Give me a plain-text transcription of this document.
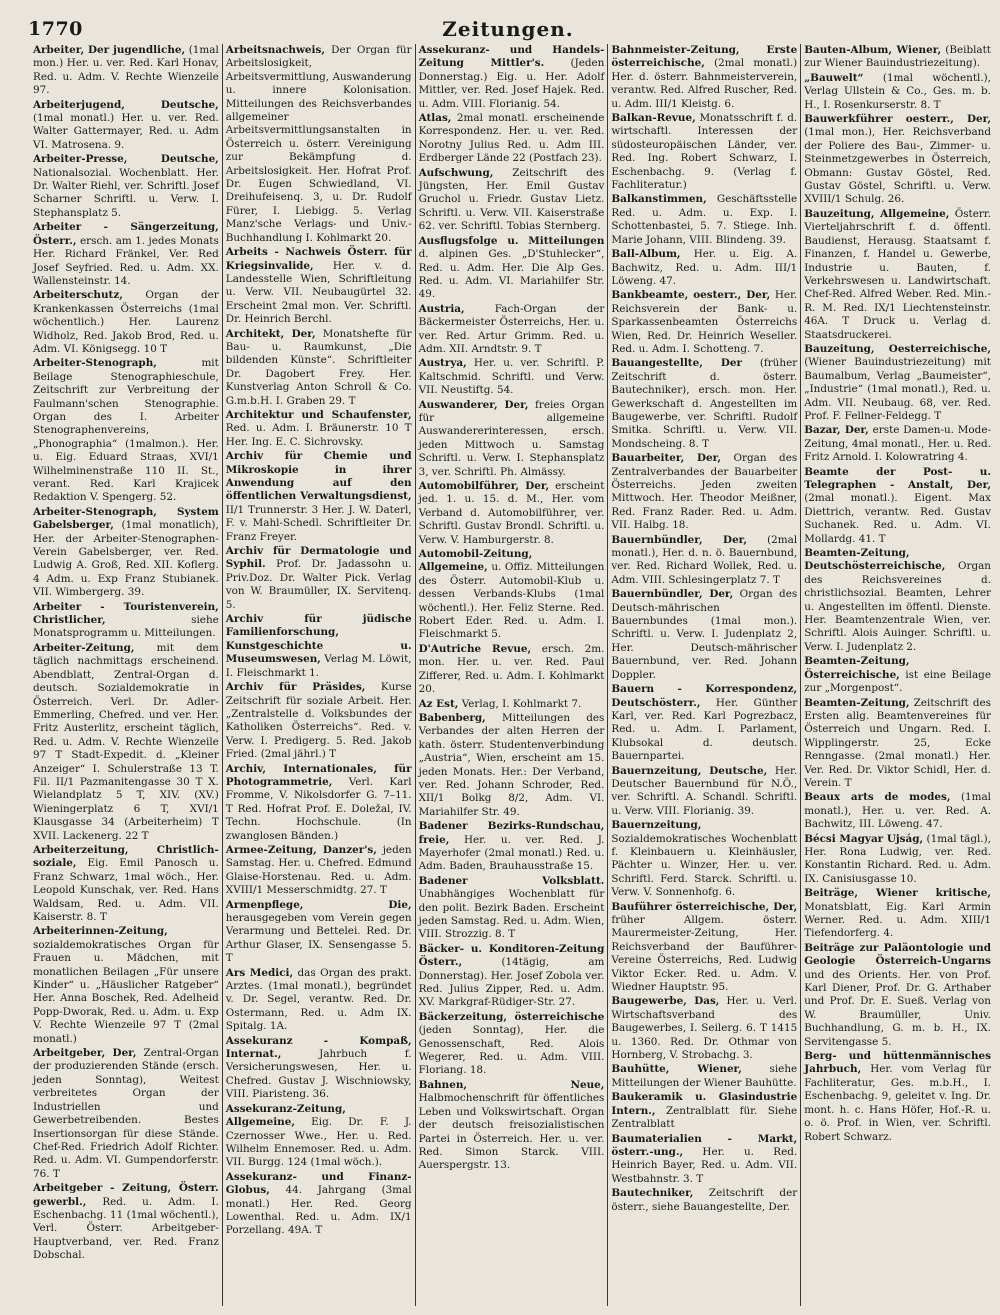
1770	Zeitungen.

Arbeiter, Der jugendliche, (1mal mon.) Her. u. ver. Red. Karl Honav, Red. u. Adm. V. Rechte Wienzeile 97.

Arbeiterjugend, Deutsche, (1mal monatl.) Her. u. ver. Red. Walter Gattermayer, Red. u. Adm VI. Matrosena. 9.

Arbeiter-Presse, Deutsche, Nationalsozial. Wochenblatt. Her. Dr. Walter Riehl, ver. Schriftl. Josef Scharner Schriftl. u. Verw. I. Stephansplatz 5.

Arbeiter - Sängerzeitung, Österr., ersch. am 1. jedes Monats Her. Richard Fränkel, Ver. Red Josef Seyfried. Red. u. Adm. XX. Wallensteinstr. 14.

Arbeiterschutz, Organ der Krankenkassen Österreichs (1mal wöchentlich.) Her. Laurenz Widholz, Red. Jakob Brod, Red. u. Adm. VI. Königsegg. 10 T

Arbeiter-Stenograph,	mit Beilage Stenographieschule, Zeitschrift zur Verbreitung der Faulmann'schen Stenographie. Organ des I. Arbeiter Stenographenvereins, „Phonographia“ (1malmon.). Her. u. Eig. Eduard Straas, XVI/1 Wilhelminenstraße 110 II. St., verant. Red. Karl Krajicek Redaktion V. Spengerg. 52.

Arbeiter-Stenograph, System Gabelsberger, (1mal monatlich), Her. der Arbeiter-Stenographen-Verein Gabelsberger, ver. Red. Ludwig A. Groß, Red. XII. Koflerg. 4 Adm. u. Exp Franz Stubianek. VII. Wimbergerg. 39.

Arbeiter - Touristenverein, Christlicher,	siehe Monatsprogramm u. Mitteilungen.

Arbeiter-Zeitung, mit dem täglich nachmittags erscheinend. Abendblatt, Zentral-Organ d. deutsch. Sozialdemokratie in Österreich. Verl. Dr. Adler-Emmerling, Chefred. und ver. Her. Fritz Austerlitz, erscheint täglich, Red. u. Adm. V. Rechte Wienzeile 97 T Stadt-Expedit. d. „Kleiner Anzeiger“ I. Schulerstraße 13 T. Fil. II/1 Pazmanitengasse 30 T X. Wielandplatz 5 T, XIV. (XV.) Wieningerplatz 6 T, XVI/1 Klausgasse 34 (Arbeiterheim) T XVII. Lackenerg. 22 T

Arbeiterzeitung, Christlich-soziale, Eig. Emil Panosch u. Franz Schwarz, 1mal wöch., Her. Leopold Kunschak, ver. Red. Hans Waldsam, Red. u. Adm. VII. Kaiserstr. 8. T

Arbeiterinnen-Zeitung, sozialdemokratisches Organ für Frauen u. Mädchen, mit monatlichen Beilagen „Für unsere Kinder“ u. „Häuslicher Ratgeber“ Her. Anna Boschek, Red. Adelheid Popp-Dworak, Red. u. Adm. u. Exp V. Rechte Wienzeile 97 T (2mal monatl.)

Arbeitgeber, Der, Zentral-Organ der produzierenden Stände (ersch. jeden Sonntag), Weitest verbreitetes Organ der Industriellen und Gewerbetreibenden. Bestes Insertionsorgan für diese Stände. Chef-Red. Friedrich Adolf Richter. Red. u. Adm. VI. Gumpendorferstr. 76. T

Arbeitgeber - Zeitung, Österr. gewerbl., Red. u. Adm. I. Eschenbachg. 11 (1mal wöchentl.), Verl. Österr. Arbeitgeber-Hauptverband, ver. Red. Franz Dobschal.

Arbeitsnachweis, Der Organ für Arbeitslosigkeit, Arbeitsvermittlung, Auswanderung u. innere Kolonisation. Mitteilungen des Reichsverbandes allgemeiner Arbeitsvermittlungsanstalten in Österreich u. österr. Vereinigung zur Bekämpfung d. Arbeitslosigkeit. Her. Hofrat Prof. Dr. Eugen Schwiedland, VI. Dreihufeisenq. 3, u. Dr. Rudolf Fürer, I. Liebigg. 5. Verlag Manz'sche Verlags- und Univ.-Buchhandlung I. Kohlmarkt 20.

Arbeits - Nachweis Österr. für Kriegsinvalide, Her. v. d. Landesstelle Wien, Schriftleitung u. Verw. VII. Neubaugürtel 32. Erscheint 2mal mon. Ver. Schriftl. Dr. Heinrich Berchl.

Architekt, Der, Monatshefte für Bau- u. Raumkunst, „Die bildenden Künste“. Schriftleiter Dr. Dagobert Frey. Her. Kunstverlag Anton Schroll & Co. G.m.b.H. I. Graben 29. T

Architektur und Schaufenster, Red. u. Adm. I. Bräunerstr. 10 T Her. Ing. E. C. Sichrovsky.

Archiv für Chemie und Mikroskopie in ihrer Anwendung auf den öffentlichen Verwaltungsdienst, II/1 Trunnerstr. 3 Her. J. W. Daterl, F. v. Mahl-Schedl. Schriftleiter Dr. Franz Freyer.

Archiv für Dermatologie und Syphil. Prof. Dr. Jadassohn u. Priv.Doz. Dr. Walter Pick. Verlag von W. Braumüller, IX. Servitenq. 5.

Archiv für jüdische Familienforschung, Kunstgeschichte u. Museumswesen, Verlag M. Löwit, I. Fleischmarkt 1.

Archiv für Präsides, Kurse Zeitschrift für soziale Arbeit. Her. „Zentralstelle d. Volksbundes der Katholiken Österreichs“. Red. v. Verw. I. Predigerg. 5. Red. Jakob Fried. (2mal jährl.) T

Archiv, Internationales, für Photogrammetrie, Verl. Karl Fromme, V. Nikolsdorfer G. 7–11. T Red. Hofrat Prof. E. Doležal, IV. Techn. Hochschule. (In zwanglosen Bänden.)

Armee-Zeitung, Danzer's, jeden Samstag. Her. u. Chefred. Edmund Glaise-Horstenau. Red. u. Adm. XVIII/1 Messerschmidtg. 27. T

Armenpflege, Die, herausgegeben vom Verein gegen Verarmung und Bettelei. Red. Dr. Arthur Glaser, IX. Sensengasse 5. T

Ars Medici, das Organ des prakt. Arztes. (1mal monatl.), begründet v. Dr. Segel, verantw. Red. Dr. Ostermann, Red. u. Adm IX. Spitalg. 1A.

Assekuranz - Kompaß, Internat.,	Jahrbuch f. Versicherungswesen, Her. u. Chefred. Gustav J. Wischniowsky, VIII. Piaristeng. 36.

Assekuranz-Zeitung, Allgemeine, Eig. Dr. F. J. Czernosser Wwe., Her. u. Red. Wilhelm Ennemoser. Red. u. Adm. VII. Burgg. 124 (1mal wöch.).

Assekuranz- und Finanz-Globus, 44. Jahrgang (3mal monatl.) Her. Red. Georg Lowenthal. Red. u. Adm. IX/1 Porzellang. 49A. T

Assekuranz- und Handels-Zeitung Mittler's.	(Jeden Donnerstag.) Eig. u. Her. Adolf Mittler, ver. Red. Josef Hajek. Red. u. Adm. VIII. Florianig. 54.

Atlas, 2mal monatl. erscheinende Korrespondenz. Her. u. ver. Red. Norotny Julius Red. u. Adm III. Erdberger Lände 22 (Postfach 23).

Aufschwung, Zeitschrift des Jüngsten, Her. Emil Gustav Gruchol u. Friedr. Gustav Lietz. Schriftl. u. Verw. VII. Kaiserstraße 62. ver. Schriftl. Tobias Sternberg.

Ausflugsfolge u. Mitteilungen d. alpinen Ges. „D'Stuhlecker“, Red. u. Adm. Her. Die Alp Ges. Red. u. Adm. VI. Mariahilfer Str. 49.

Austria,	Fach-Organ der Bäckermeister Österreichs, Her. u. ver. Red. Artur Grimm. Red. u. Adm. XII. Arndtstr. 9. T

Austrya, Her. u. ver. Schriftl. P. Kaltschmid. Schriftl. und Verw. VII. Neustiftg. 54.

Auswanderer, Der, freies Organ für allgemeine Auswandererinteressen, ersch. jeden Mittwoch u. Samstag Schriftl. u. Verw. I. Stephansplatz 3, ver. Schriftl. Ph. Almässy.

Automobilführer, Der, erscheint jed. 1. u. 15. d. M., Her. vom Verband d. Automobilführer, ver. Schriftl. Gustav Brondl. Schriftl. u. Verw. V. Hamburgerstr. 8.

Automobil-Zeitung, Allgemeine, u. Offiz. Mitteilungen des Österr. Automobil-Klub u. dessen Verbands-Klubs (1mal wöchentl.). Her. Feliz Sterne. Red. Robert Eder. Red. u. Adm. I. Fleischmarkt 5.

D'Autriche Revue, ersch. 2m. mon. Her. u. ver. Red. Paul Zifferer, Red. u. Adm. I. Kohlmarkt 20.

Az Est, Verlag, I. Kohlmarkt 7.

Babenberg, Mitteilungen des Verbandes der alten Herren der kath. österr. Studentenverbindung „Austria“, Wien, erscheint am 15. jeden Monats. Her.: Der Verband, ver. Red. Johann Schroder, Red. XII/1 Bolkg 8/2, Adm. VI. Mariahilfer Str. 49.

Badener Bezirks-Rundschau, freie, Her. u. ver. Red. J. Mayerhofer (2mal monatl.) Red. u. Adm. Baden, Brauhausstraße 15.

Badener Volksblatt. Unabhängiges Wochenblatt für den polit. Bezirk Baden. Erscheint jeden Samstag. Red. u. Adm. Wien, VIII. Strozzig. 8. T

Bäcker- u. Konditoren-Zeitung Österr.,	(14tägig, am Donnerstag). Her. Josef Zobola ver. Red. Julius Zipper, Red. u. Adm. XV. Markgraf-Rüdiger-Str. 27.

Bäckerzeitung, österreichische (jeden Sonntag), Her. die Genossenschaft, Red. Alois Wegerer, Red. u. Adm. VIII. Floriang. 18.

Bahnen, Neue, Halbmochenschrift für öffentliches Leben und Volkswirtschaft. Organ der deutsch freisozialistischen Partei in Österreich. Her. u. ver. Red. Simon Starck. VIII. Auerspergstr. 13.

Bahnmeister-Zeitung, Erste österreichische, (2mal monatl.) Her. d. österr. Bahnmeisterverein, verantw. Red. Alfred Ruscher, Red. u. Adm. III/1 Kleistg. 6.

Balkan-Revue, Monatsschrift f. d. wirtschaftl. Interessen der südosteuropäischen Länder, ver. Red. Ing. Robert Schwarz, I. Eschenbachg. 9. (Verlag f. Fachliteratur.)

Balkanstimmen, Geschäftsstelle Red. u. Adm. u. Exp. I. Schottenbastei, 5. 7. Stiege. Inh. Marie Johann, VIII. Blindeng. 39.

Ball-Album, Her. u. Eig. A. Bachwitz, Red. u. Adm. III/1 Löweng. 47.

Bankbeamte, oesterr., Der, Her. Reichsverein der Bank- u. Sparkassenbeamten Österreichs Wien, Red. Dr. Heinrich Weseller. Red. u. Adm. I. Schotteng. 7.

Bauangestellte, Der (früher Zeitschrift d. österr. Bautechniker), ersch. mon. Her. Gewerkschaft d. Angestellten im Baugewerbe, ver. Schriftl. Rudolf Smitka. Schriftl. u. Verw. VII. Mondscheing. 8. T

Bauarbeiter, Der, Organ des Zentralverbandes der Bauarbeiter Österreichs. Jeden zweiten Mittwoch. Her. Theodor Meißner, Red. Franz Rader. Red. u. Adm. VII. Halbg. 18.

Bauernbündler, Der, (2mal monatl.), Her. d. n. ö. Bauernbund, ver. Red. Richard Wollek, Red. u. Adm. VIII. Schlesingerplatz 7. T

Bauernbündler, Der, Organ des Deutsch-mährischen Bauernbundes (1mal mon.). Schriftl. u. Verw. I. Judenplatz 2, Her. Deutsch-mährischer Bauernbund, ver. Red. Johann Doppler.

Bauern - Korrespondenz, Deutschösterr., Her. Günther Karl, ver. Red. Karl Pogrezbacz, Red. u. Adm. I. Parlament, Klubsokal d. deutsch. Bauernpartei.

Bauernzeitung, Deutsche, Her. Deutscher Bauernbund für N.Ö., ver. Schriftl. A. Schandl. Schriftl. u. Verw. VIII. Florianig. 39.

Bauernzeitung, Sozialdemokratisches Wochenblatt f. Kleinbauern u. Kleinhäusler, Pächter u. Winzer, Her. u. ver. Schriftl. Ferd. Starck. Schriftl. u. Verw. V. Sonnenhofg. 6.

Bauführer österreichische, Der, früher Allgem. österr. Maurermeister-Zeitung, Her. Reichsverband der Bauführer-Vereine Österreichs, Red. Ludwig Viktor Ecker. Red. u. Adm. V. Wiedner Hauptstr. 95.

Baugewerbe, Das, Her. u. Verl. Wirtschaftsverband des Baugewerbes, I. Seilerg. 6. T 1415 u. 1360. Red. Dr. Othmar von Hornberg, V. Strobachg. 3.

Bauhütte, Wiener,	siehe Mitteilungen der Wiener Bauhütte.

Baukeramik u. Glasindustrie Intern., Zentralblatt für. Siehe Zentralblatt

Baumaterialien - Markt, österr.-ung., Her. u. Red. Heinrich Bayer, Red. u. Adm. VII. Westbahnstr. 3. T

Bautechniker, Zeitschrift der österr., siehe Bauangestellte, Der.

Bauten-Album, Wiener, (Beiblatt zur Wiener Bauindustriezeitung).

„Bauwelt“ (1mal wöchentl.), Verlag Ullstein & Co., Ges. m. b. H., I. Rosenkurserstr. 8. T

Bauwerkführer oesterr., Der, (1mal mon.), Her. Reichsverband der Poliere des Bau-, Zimmer- u. Steinmetzgewerbes in Österreich, Obmann: Gustav Göstel, Red. Gustav Göstel, Schriftl. u. Verw. XVIII/1 Schulg. 26.

Bauzeitung, Allgemeine, Österr. Vierteljahrschrift f. d. öffentl. Baudienst, Herausg. Staatsamt f. Finanzen, f. Handel u. Gewerbe, Industrie u. Bauten, f. Verkehrswesen u. Landwirtschaft. Chef-Red. Alfred Weber. Red. Min.-R. M. Red. IX/1 Liechtensteinstr. 46A. T Druck u. Verlag d. Staatsdruckerei.

Bauzeitung, Oesterreichische, (Wiener Bauindustriezeitung) mit Baumalbum, Verlag „Baumeister“, „Industrie“ (1mal monatl.), Red. u. Adm. VII. Neubaug. 68, ver. Red. Prof. F. Fellner-Feldegg. T

Bazar, Der, erste Damen-u. Mode-Zeitung, 4mal monatl., Her. u. Red. Fritz Arnold. I. Kolowratring 4.

Beamte der Post- u. Telegraphen - Anstalt, Der, (2mal monatl.). Eigent. Max Diettrich, verantw. Red. Gustav Suchanek. Red. u. Adm. VI. Mollardg. 41. T

Beamten-Zeitung, Deutschösterreichische, Organ des Reichsvereines d. christlichsozial. Beamten, Lehrer u. Angestellten im öffentl. Dienste. Her. Beamtenzentrale Wien, ver. Schriftl. Alois Auinger. Schriftl. u. Verw. I. Judenplatz 2.

Beamten-Zeitung, Österreichische, ist eine Beilage zur „Morgenpost“.

Beamten-Zeitung, Zeitschrift des Ersten allg. Beamtenvereines für Österreich und Ungarn. Red. I. Wipplingerstr. 25, Ecke Renngasse. (2mal monatl.) Her. Ver. Red. Dr. Viktor Schidl, Her. d. Verein. T

Beaux arts de modes, (1mal monatl.), Her. u. ver. Red. A. Bachwitz, III. Löweng. 47.

Bécsi Magyar Ujság, (1mal tägl.), Her. Rona Ludwig, ver. Red. Konstantin Richard. Red. u. Adm. IX. Canisiusgasse 10.

Beiträge, Wiener kritische, Monatsblatt, Eig. Karl Armin Werner. Red. u. Adm. XIII/1 Tiefendorferg. 4.

Beiträge zur Paläontologie und Geologie Österreich-Ungarns und des Orients. Her. von Prof. Karl Diener, Prof. Dr. G. Arthaber und Prof. Dr. E. Sueß. Verlag von W. Braumüller, Univ. Buchhandlung, G. m. b. H., IX. Servitengasse 5.

Berg- und hüttenmännisches Jahrbuch, Her. vom Verlag für Fachliteratur, Ges. m.b.H., I. Eschenbachg. 9, geleitet v. Ing. Dr. mont. h. c. Hans Höfer, Hof.-R. u. o. ö. Prof. in Wien, ver. Schriftl. Robert Schwarz.
